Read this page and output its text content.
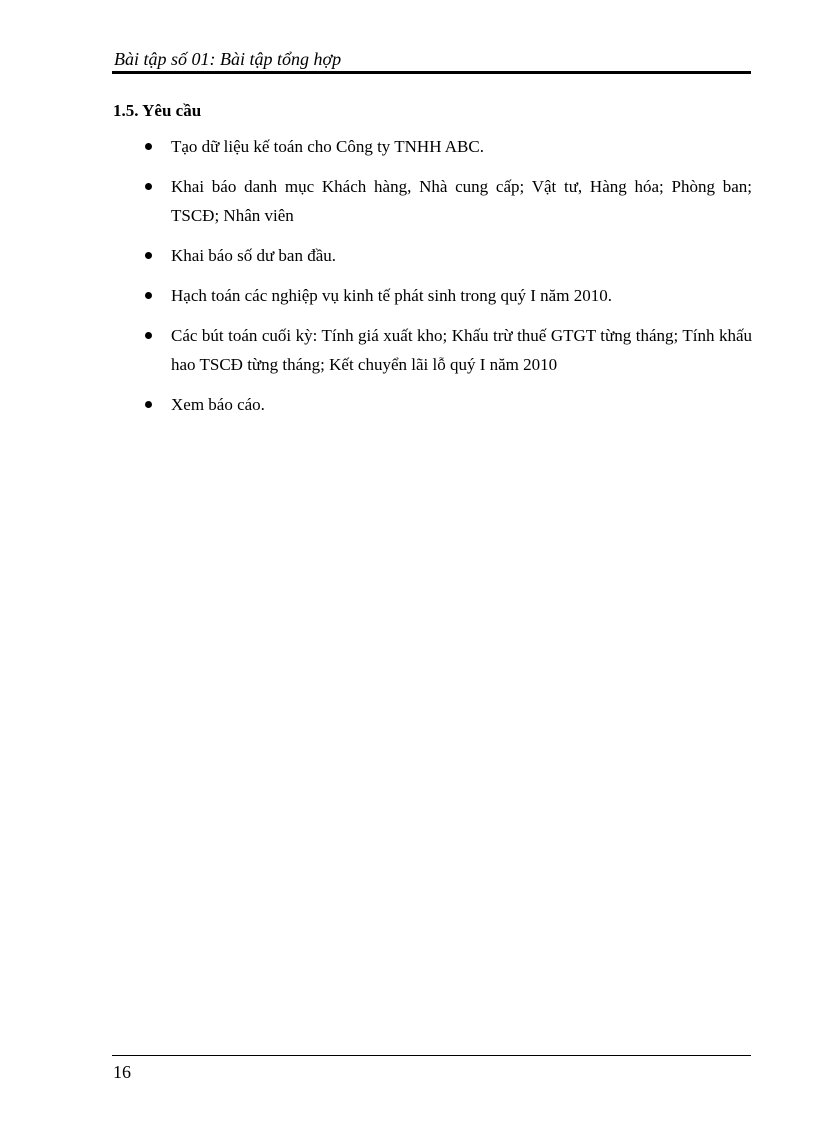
Bài tập số 01: Bài tập tổng hợp
1.5. Yêu cầu
Tạo dữ liệu kế toán cho Công ty TNHH ABC.
Khai báo danh mục Khách hàng, Nhà cung cấp; Vật tư, Hàng hóa; Phòng ban; TSCĐ; Nhân viên
Khai báo số dư ban đầu.
Hạch toán các nghiệp vụ kinh tế phát sinh trong quý I năm 2010.
Các bút toán cuối kỳ: Tính giá xuất kho; Khấu trừ thuế GTGT từng tháng; Tính khấu hao TSCĐ từng tháng; Kết chuyển lãi lỗ quý I năm 2010
Xem báo cáo.
16
